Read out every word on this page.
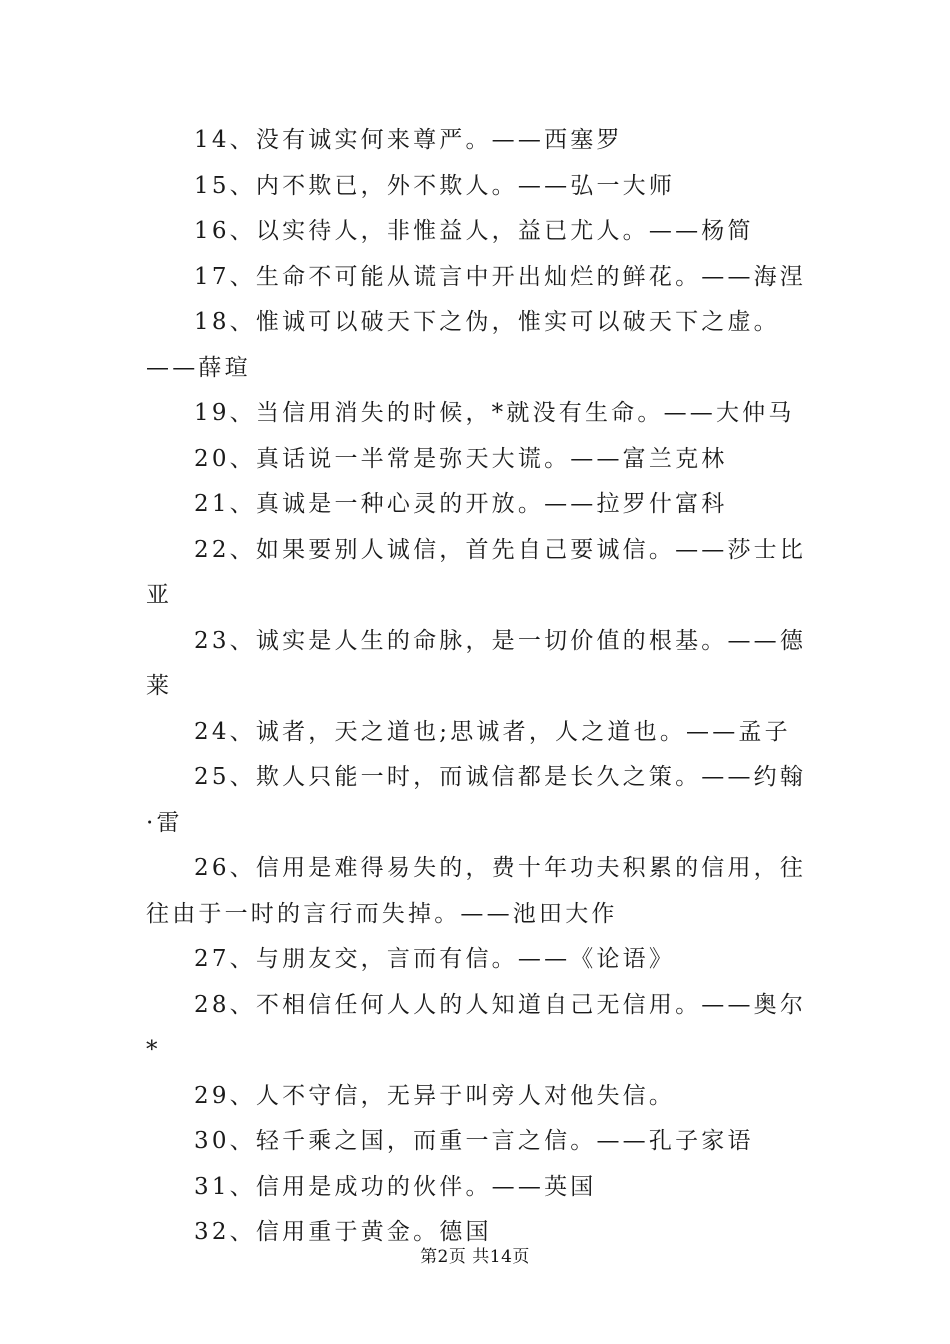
14、没有诚实何来尊严。——西塞罗

15、内不欺已，外不欺人。——弘一大师

16、以实待人，非惟益人，益已尤人。——杨简

17、生命不可能从谎言中开出灿烂的鲜花。——海涅

18、惟诚可以破天下之伪，惟实可以破天下之虚。——薛瑄

19、当信用消失的时候，*就没有生命。——大仲马

20、真话说一半常是弥天大谎。——富兰克林

21、真诚是一种心灵的开放。——拉罗什富科

22、如果要别人诚信，首先自己要诚信。——莎士比亚

23、诚实是人生的命脉，是一切价值的根基。——德莱

24、诚者，天之道也;思诚者，人之道也。——孟子

25、欺人只能一时，而诚信都是长久之策。——约翰·雷

26、信用是难得易失的，费十年功夫积累的信用，往往由于一时的言行而失掉。——池田大作

27、与朋友交，言而有信。——《论语》

28、不相信任何人人的人知道自己无信用。——奥尔*

29、人不守信，无异于叫旁人对他失信。

30、轻千乘之国，而重一言之信。——孔子家语

31、信用是成功的伙伴。——英国

32、信用重于黄金。德国

第2页 共14页
